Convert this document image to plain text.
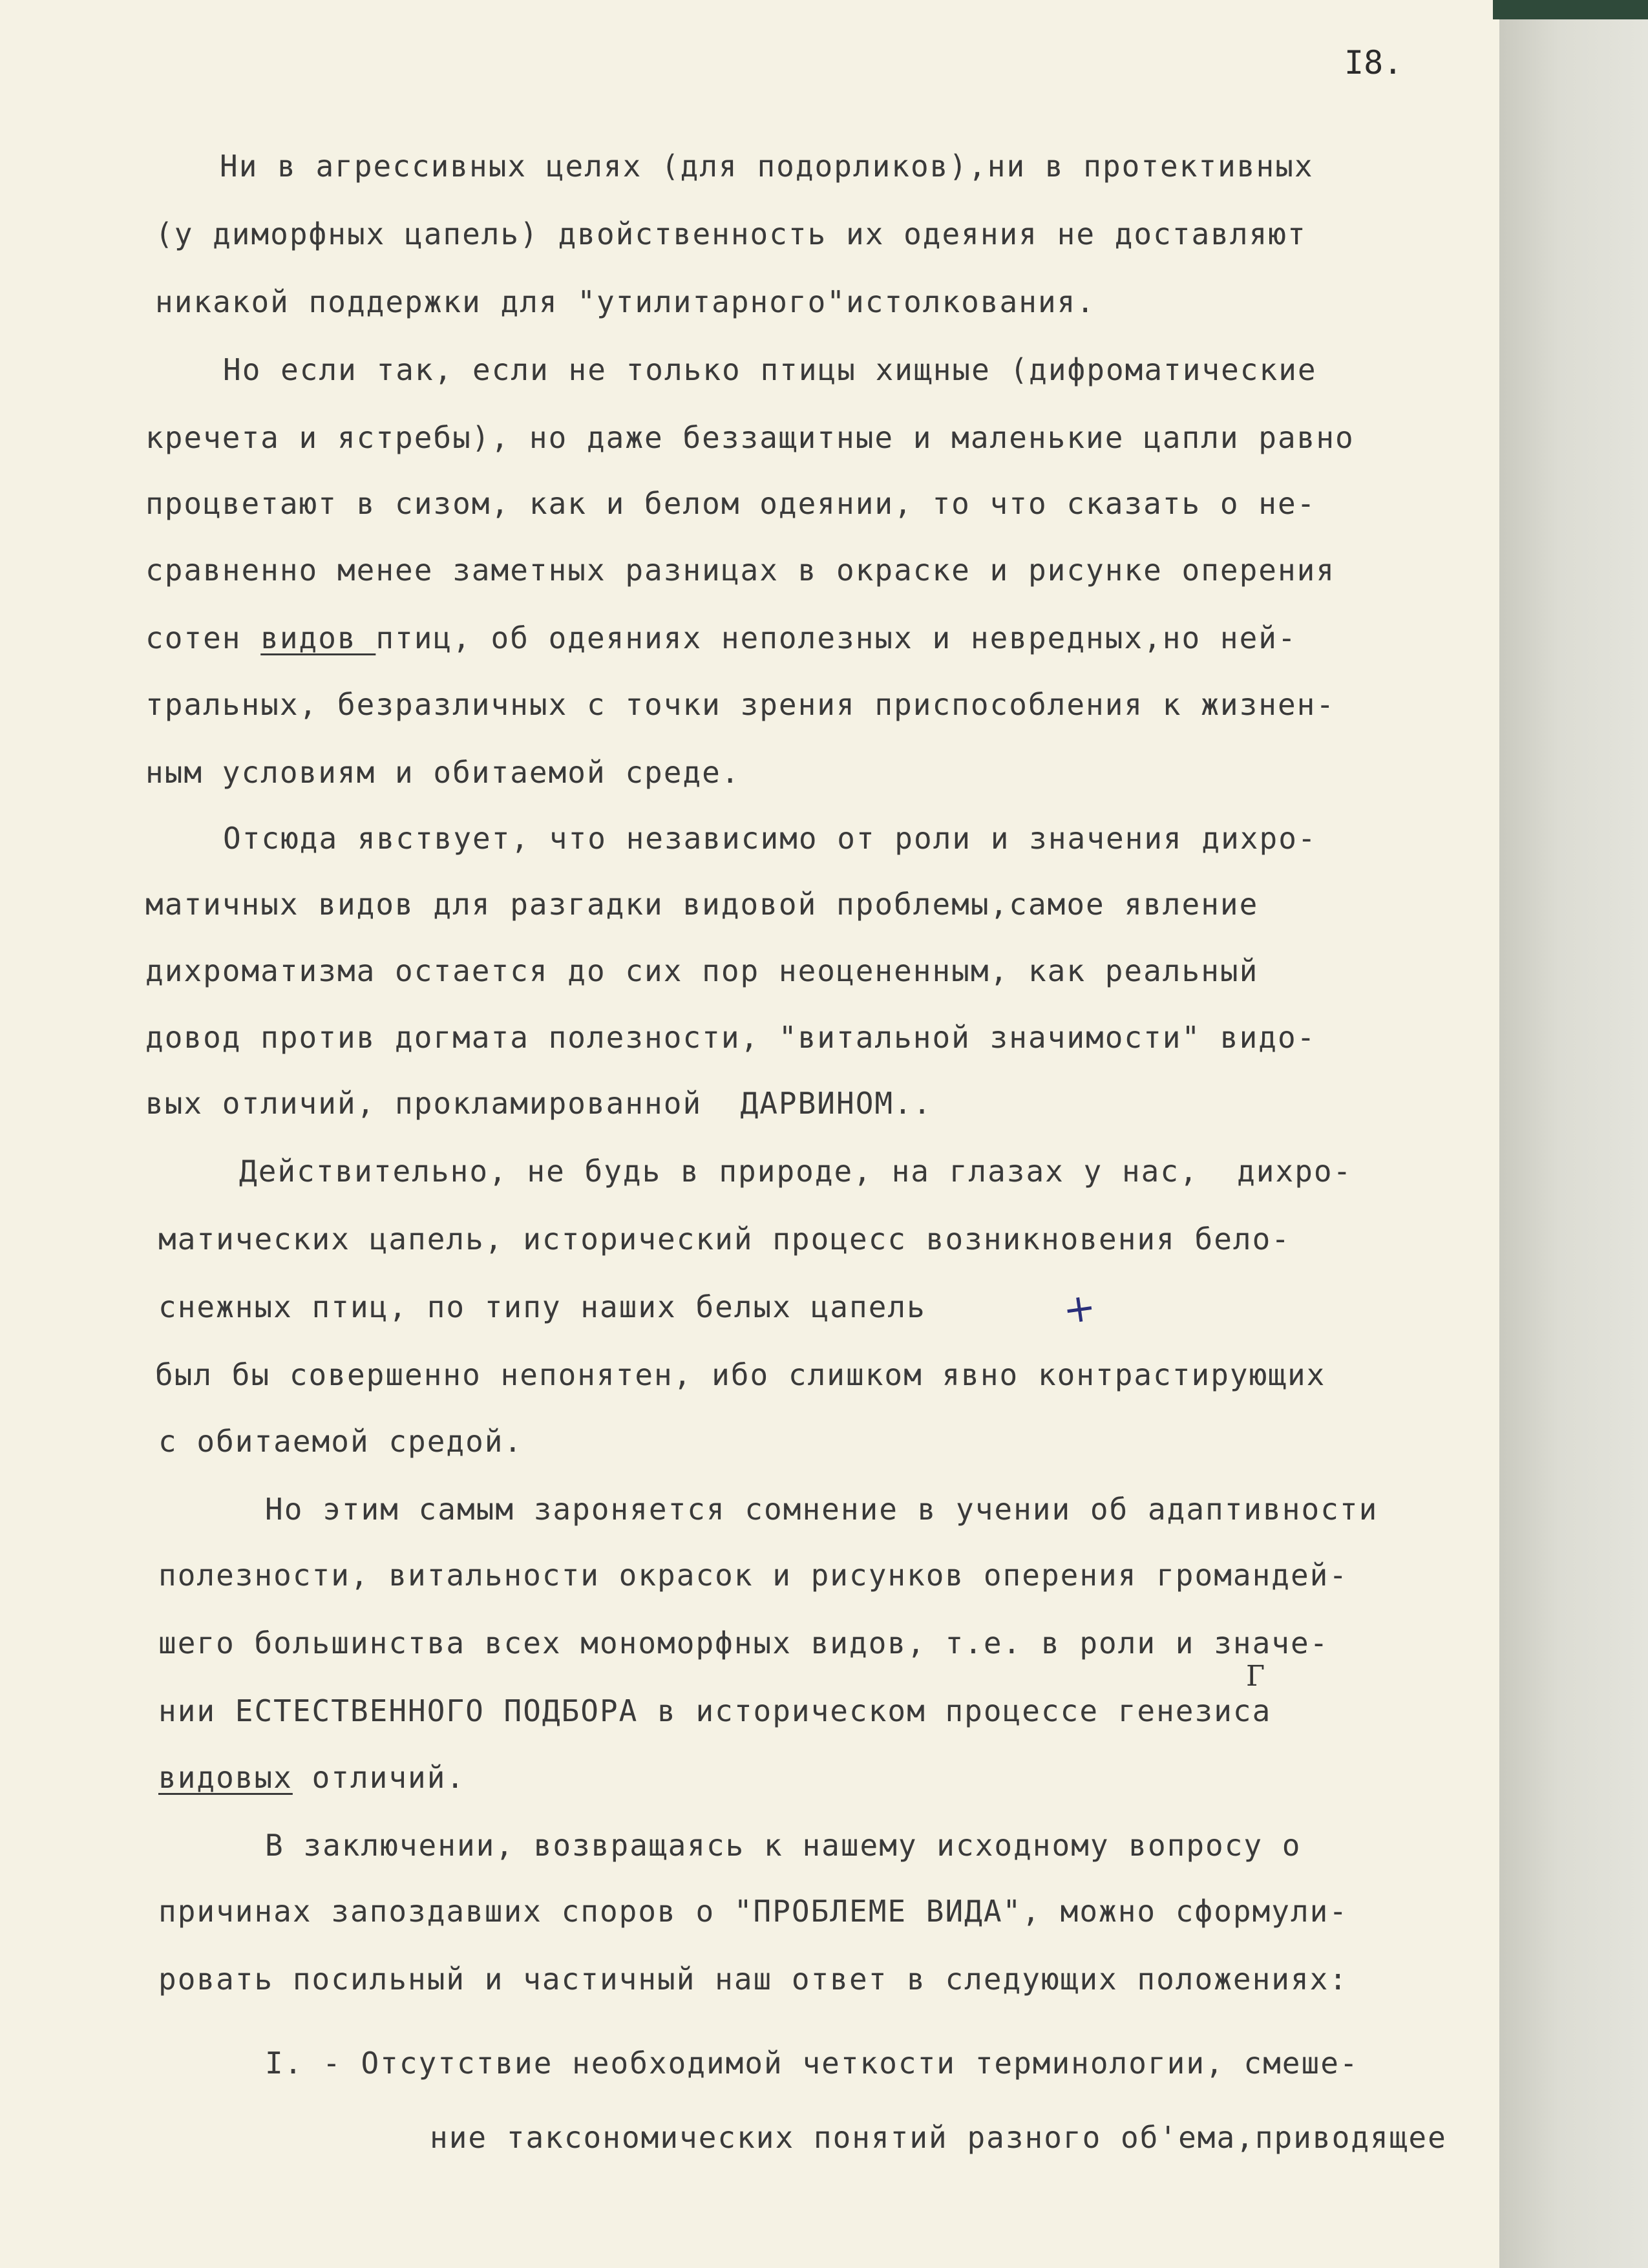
I8.
Ни в агрессивных целях (для подорликов),ни в протективных
(у диморфных цапель) двойственность их одеяния не доставляют
никакой поддержки для "утилитарного"истолкования.
Но если так, если не только птицы хищные (дифроматические
кречета и ястребы), но даже беззащитные и маленькие цапли равно
процветают в сизом, как и белом одеянии, то что сказать о не-
сравненно менее заметных разницах в окраске и рисунке оперения
сотен видов птиц, об одеяниях неполезных и невредных,но ней-
тральных, безразличных с точки зрения приспособления к жизнен-
ным условиям и обитаемой среде.
Отсюда явствует, что независимо от роли и значения дихро-
матичных видов для разгадки видовой проблемы,самое явление
дихроматизма остается до сих пор неоцененным, как реальный
довод против догмата полезности, "витальной значимости" видо-
вых отличий, прокламированной  ДАРВИНОМ..
Действительно, не будь в природе, на глазах у нас,  дихро-
матических цапель, исторический процесс возникновения бело-
снежных птиц, по типу наших белых цапель
был бы совершенно непонятен, ибо слишком явно контрастирующих
с обитаемой средой.
Но этим самым зароняется сомнение в учении об адаптивности
полезности, витальности окрасок и рисунков оперения громандей-
шего большинства всех мономорфных видов, т.е. в роли и значе-
нии ЕСТЕСТВЕННОГО ПОДБОРА в историческом процессе генезиса
видовых отличий.
В заключении, возвращаясь к нашему исходному вопросу о
причинах запоздавших споров о "ПРОБЛЕМЕ ВИДА", можно сформули-
ровать посильный и частичный наш ответ в следующих положениях:
I. - Отсутствие необходимой четкости терминологии, смеше-
ние таксономических понятий разного об'ема,приводящее
+
Г
